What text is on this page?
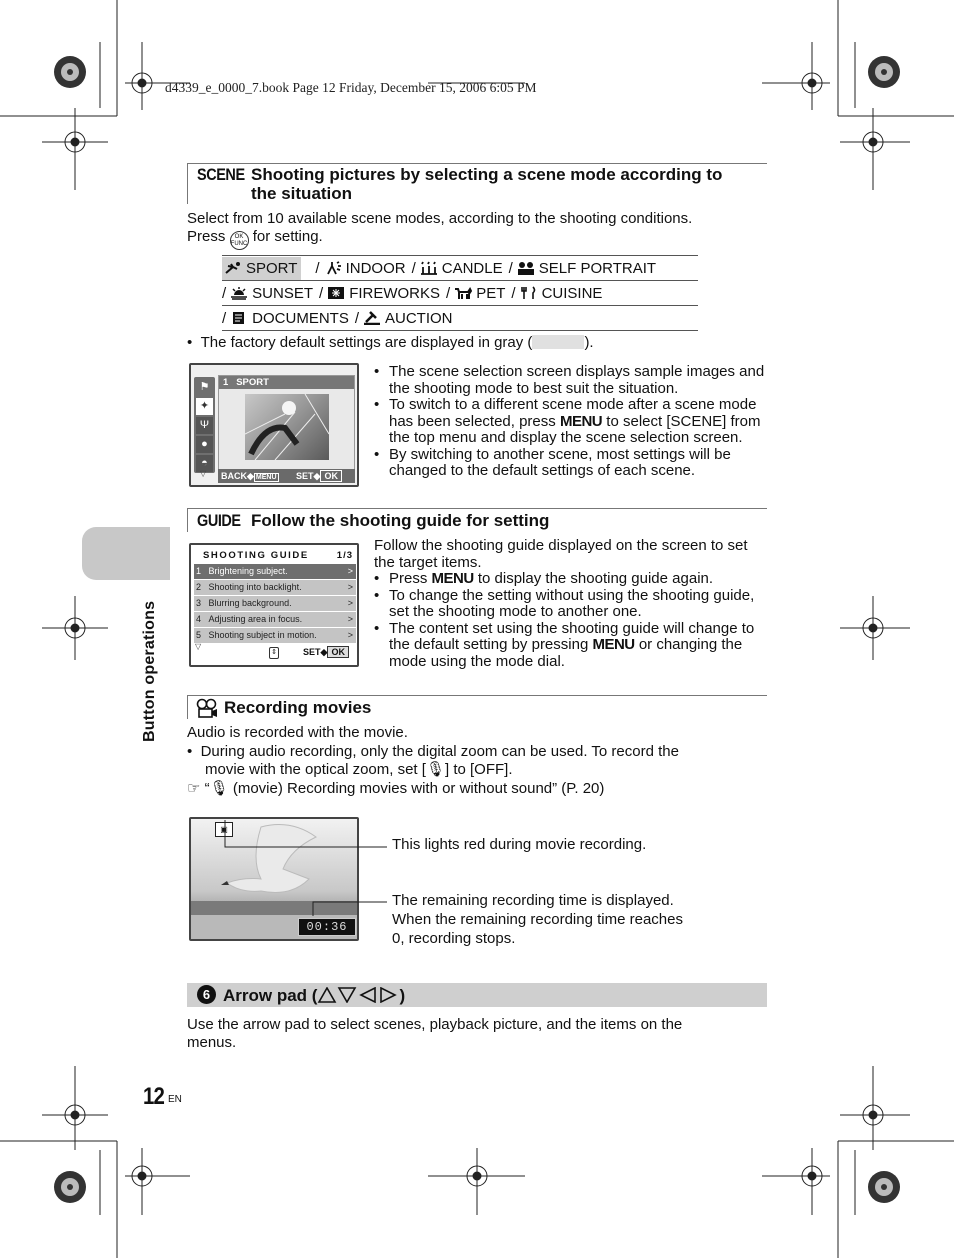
d4339_e_0000_7.book Page 12 Friday, December 15, 2006 6:05 PM
Button operations
SCENE Shooting pictures by selecting a scene mode according to
the situation
Select from 10 available scene modes, according to the shooting conditions.
Press	OK
FUNC for setting.
SPORT	/ INDOOR / CANDLE / SELF PORTRAIT
/ SUNSET / FIREWORKS / PET / CUISINE
/ DOCUMENTS / AUCTION
•  The factory default settings are displayed in gray (	).
⚑
✦
Ψ
●
◓
1 SPORT
BACK◆ MENU SET◆ OK
▽
• The scene selection screen displays sample images and the shooting mode to best suit the situation.
• To switch to a different scene mode after a scene mode has been selected, press MENU to select [SCENE] from the top menu and display the scene selection screen.
• By switching to another scene, most settings will be changed to the default settings of each scene.
GUIDE Follow the shooting guide for setting
SHOOTING GUIDE	1/3
1 Brightening subject.	>
2 Shooting into backlight.	>
3 Blurring background.	>
4 Adjusting area in focus.	>
5 Shooting subject in motion.	>
▽
⇕	SET◆ OK
Follow the shooting guide displayed on the screen to set the target items.
• Press MENU to display the shooting guide again.
• To change the setting without using the shooting guide, set the shooting mode to another one.
• The content set using the shooting guide will change to the default setting by pressing MENU or changing the mode using the mode dial.
Recording movies
Audio is recorded with the movie.
•  During audio recording, only the digital zoom can be used. To record the
movie with the optical zoom, set [🎙] to [OFF].
☞ “🎙 (movie) Recording movies with or without sound” (P. 20)
▣
00:36
This lights red during movie recording.
The remaining recording time is displayed.
When the remaining recording time reaches
0, recording stops.
6 Arrow pad (	)
Use the arrow pad to select scenes, playback picture, and the items on the
menus.
12 EN
